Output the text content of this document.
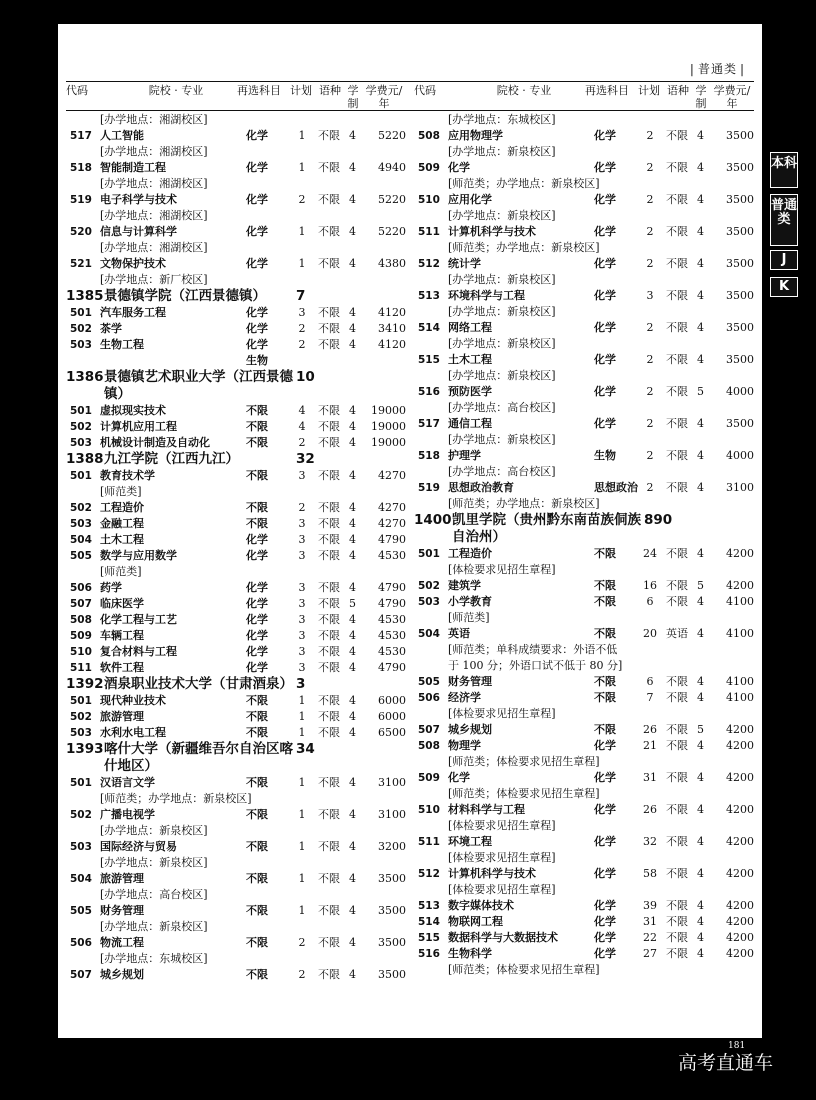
| 普通类 |
代码	院校 · 专业	再选科目 计划 语种 学制
学费元/年
代码	院校 · 专业	再选科目 计划 语种 学制
学费元/年
[办学地点：湘湖校区]
517 人工智能	化学	1	不限 4	5220
[办学地点：湘湖校区]
518 智能制造工程	化学	1	不限 4	4940
[办学地点：湘湖校区]
519 电子科学与技术	化学	2	不限 4	5220
[办学地点：湘湖校区]
520 信息与计算科学	化学	1	不限 4	5220
[办学地点：湘湖校区]
521 文物保护技术	化学	1	不限 4	4380
[办学地点：新厂校区]
1385 景德镇学院（江西景德镇）	7
501 汽车服务工程	化学	3	不限 4	4120
502 茶学	化学	2	不限 4	3410
503 生物工程	化学	2	不限 4	4120
生物
1386 景德镇艺术职业大学（江西景德镇）
10
501 虚拟现实技术	不限	4	不限 4	19000
502 计算机应用工程	不限	4	不限 4	19000
503 机械设计制造及自动化	不限	2	不限 4	19000
1388 九江学院（江西九江）	32
501 教育技术学	不限	3	不限 4	4270
[师范类]
502 工程造价	不限	2	不限 4	4270
503 金融工程	不限	3	不限 4	4270
504 土木工程	化学	3	不限 4	4790
505 数学与应用数学	化学	3	不限 4	4530
[师范类]
506 药学	化学	3	不限 4	4790
507 临床医学	化学	3	不限 5	4790
508 化学工程与工艺	化学	3	不限 4	4530
509 车辆工程	化学	3	不限 4	4530
510 复合材料与工程	化学	3	不限 4	4530
511 软件工程	化学	3	不限 4	4790
1392 酒泉职业技术大学（甘肃酒泉） 3
501 现代种业技术	不限	1	不限 4	6000
502 旅游管理	不限	1	不限 4	6000
503 水利水电工程	不限	1	不限 4	6500
1393 喀什大学（新疆维吾尔自治区喀什地区）
34
501 汉语言文学	不限	1	不限 4	3100
[师范类；办学地点：新泉校区]
502 广播电视学	不限	1	不限 4	3100
[办学地点：新泉校区]
503 国际经济与贸易	不限	1	不限 4	3200
[办学地点：新泉校区]
504 旅游管理	不限	1	不限 4	3500
[办学地点：高台校区]
505 财务管理	不限	1	不限 4	3500
[办学地点：新泉校区]
506 物流工程	不限	2	不限 4	3500
[办学地点：东城校区]
507 城乡规划	不限	2	不限 4	3500
[办学地点：东城校区]
508 应用物理学	化学	2	不限 4	3500
[办学地点：新泉校区]
509 化学	化学	2	不限 4	3500
[师范类；办学地点：新泉校区]
510 应用化学	化学	2	不限 4	3500
[办学地点：新泉校区]
511 计算机科学与技术	化学	2	不限 4	3500
[师范类；办学地点：新泉校区]
512 统计学	化学	2	不限 4	3500
[办学地点：新泉校区]
513 环境科学与工程	化学	3	不限 4	3500
[办学地点：新泉校区]
514 网络工程	化学	2	不限 4	3500
[办学地点：新泉校区]
515 土木工程	化学	2	不限 4	3500
[办学地点：新泉校区]
516 预防医学	化学	2	不限 5	4000
[办学地点：高台校区]
517 通信工程	化学	2	不限 4	3500
[办学地点：新泉校区]
518 护理学	生物	2	不限 4	4000
[办学地点：高台校区]
519 思想政治教育	思想政治 2	不限 4	3100
[师范类；办学地点：新泉校区]
1400 凯里学院（贵州黔东南苗族侗族自治州）
890
501 工程造价	不限 24 不限 4	4200
[体检要求见招生章程]
502 建筑学	不限 16 不限 5	4200
503 小学教育	不限	6	不限 4	4100
[师范类]
504 英语	不限 20 英语 4	4100
[师范类；单科成绩要求：外语不低
于 100 分；外语口试不低于 80 分]
505 财务管理	不限	6	不限 4	4100
506 经济学	不限	7	不限 4	4100
[体检要求见招生章程]
507 城乡规划	不限 26 不限 5	4200
508 物理学	化学 21 不限 4	4200
[师范类；体检要求见招生章程]
509 化学	化学 31 不限 4	4200
[师范类；体检要求见招生章程]
510 材料科学与工程	化学 26 不限 4	4200
[体检要求见招生章程]
511 环境工程	化学 32 不限 4	4200
[体检要求见招生章程]
512 计算机科学与技术	化学 58 不限 4	4200
[体检要求见招生章程]
513 数字媒体技术	化学 39 不限 4	4200
514 物联网工程	化学 31 不限 4	4200
515 数据科学与大数据技术	化学 22 不限 4	4200
516 生物科学	化学 27 不限 4	4200
[师范类；体检要求见招生章程]
本科
普通类
J
K
181
高考直通车
